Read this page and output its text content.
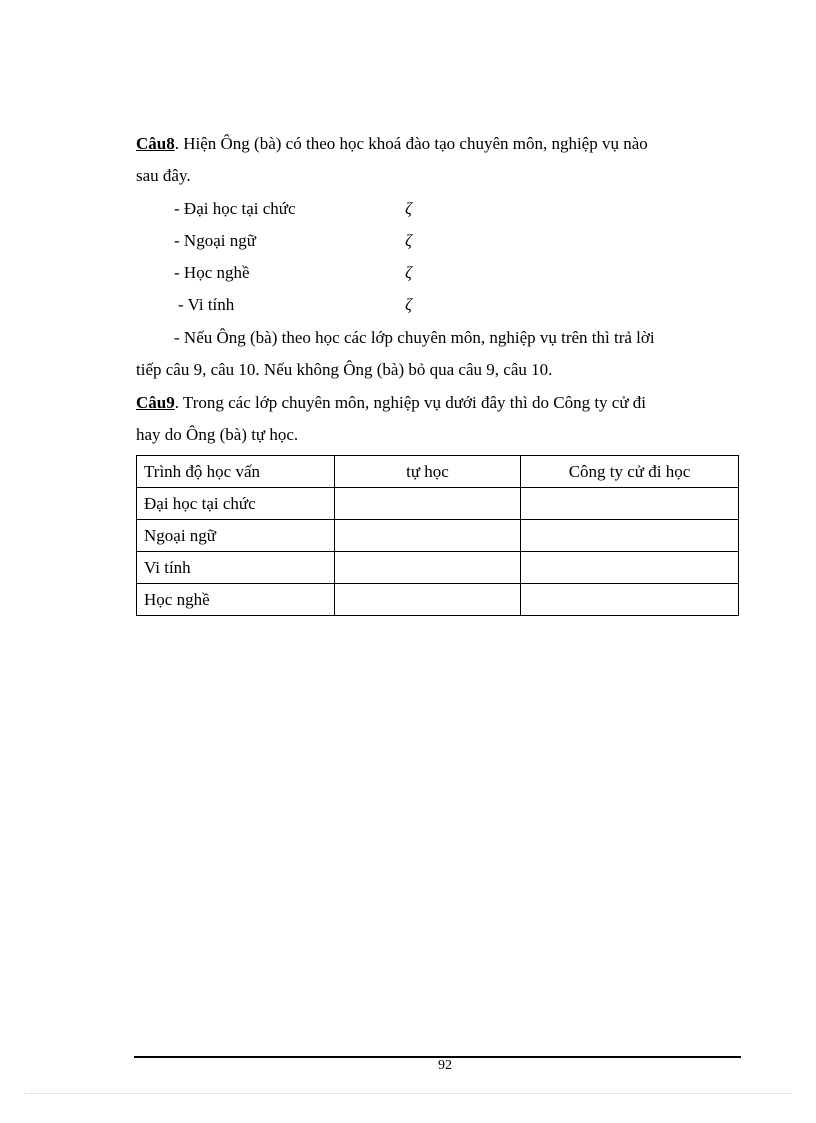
Câu8. Hiện Ông (bà) có theo học khoá đào tạo chuyên môn, nghiệp vụ nào
sau đây.
- Đại học tại chức	ζ
- Ngoại ngữ	ζ
- Học nghề	ζ
- Vi tính	ζ
- Nếu Ông (bà) theo học các lớp chuyên môn, nghiệp vụ trên thì trả lời
tiếp câu 9, câu 10. Nếu không Ông (bà) bỏ qua câu 9, câu 10.
Câu9. Trong các lớp chuyên môn, nghiệp vụ dưới đây thì do Công ty cử đi
hay do Ông (bà) tự học.
Trình độ học vấn	tự học	Công ty cử đi học
Đại học tại chức		
Ngoại ngữ		
Vi tính		
Học nghề		
92
